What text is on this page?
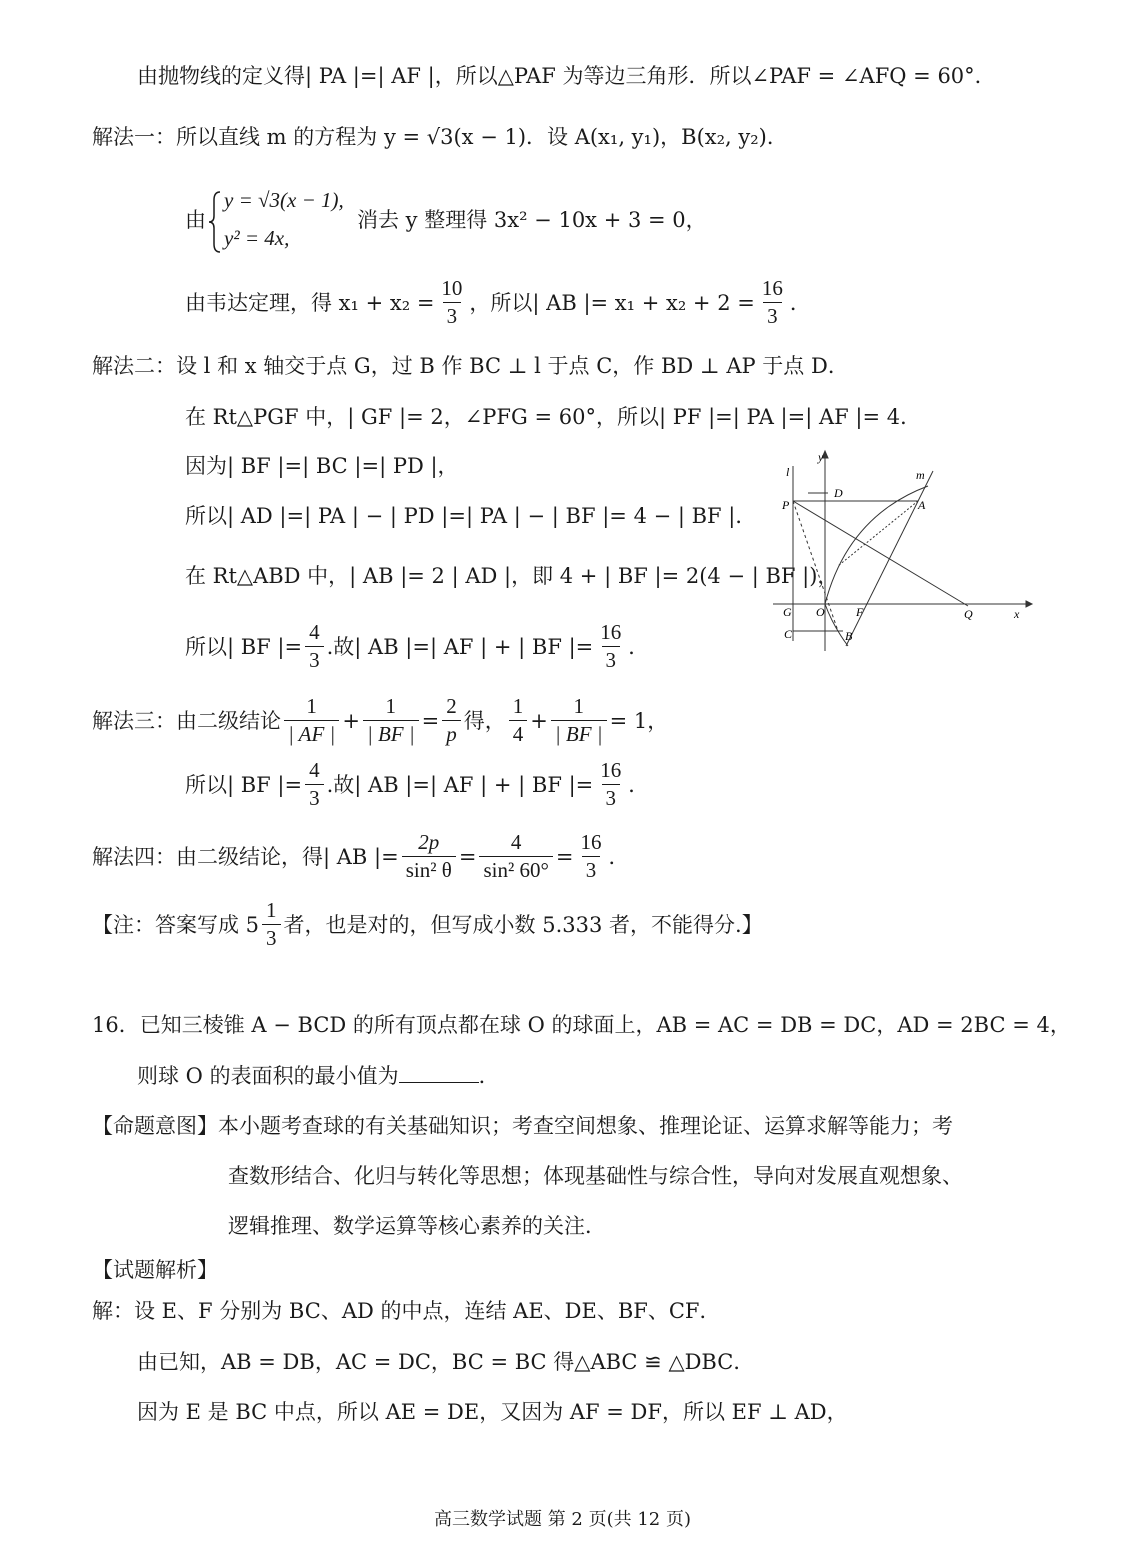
由抛物线的定义得| PA |=| AF |，所以△PAF 为等边三角形．所以∠PAF = ∠AFQ = 60°．
解法一：所以直线 m 的方程为 y = √3(x − 1)．设 A(x₁, y₁)，B(x₂, y₂)．
由
y = √3(x − 1),
y² = 4x,
消去 y 整理得 3x² − 10x + 3 = 0，
由韦达定理，得 $x_1 + x_2 = \frac{10}{3}$ ，所以| AB |= $x_1 + x_2 + 2 = \frac{16}{3}$ ．
解法二：设 l 和 x 轴交于点 G，过 B 作 BC ⊥ l 于点 C，作 BD ⊥ AP 于点 D．
在 Rt△PGF 中，| GF |= 2，∠PFG = 60°，所以| PF |=| PA |=| AF |= 4．
因为| BF |=| BC |=| PD |，
所以| AD |=| PA | − | PD |=| PA | − | BF |= 4 − | BF |．
在 Rt△ABD 中，| AB |= 2 | AD |，即 4 + | BF |= 2(4 − | BF |)，
所以| BF |= $\frac{4}{3}$ .故| AB |=| AF | + | BF |= $\frac{16}{3}$ ．
l
y
m
P
D
A
G O	F	Q	x
C	B
解法三：由二级结论 $\frac{1}{| AF |} + \frac{1}{| BF |} = \frac{2}{p}$ 得， $\frac{1}{4} + \frac{1}{| BF |} = 1$，
所以| BF |= $\frac{4}{3}$ .故| AB |=| AF | + | BF |= $\frac{16}{3}$ ．
解法四：由二级结论，得| AB |= $\frac{2p}{\text{sin² θ}} = \frac{4}{\text{sin² 60°}} = \frac{16}{3}$ ．
【注：答案写成 $5 \frac{1}{3}$ 者，也是对的，但写成小数 5.333 者，不能得分.】
16．已知三棱锥 A − BCD 的所有顶点都在球 O 的球面上，AB = AC = DB = DC，AD = 2BC = 4，
则球 O 的表面积的最小值为	．
【命题意图】本小题考查球的有关基础知识；考查空间想象、推理论证、运算求解等能力；考
查数形结合、化归与转化等思想；体现基础性与综合性，导向对发展直观想象、
逻辑推理、数学运算等核心素养的关注．
【试题解析】
解：设 E、F 分别为 BC、AD 的中点，连结 AE、DE、BF、CF．
由已知，AB = DB，AC = DC，BC = BC 得△ABC ≌ △DBC．
因为 E 是 BC 中点，所以 AE = DE，又因为 AF = DF，所以 EF ⊥ AD，
高三数学试题 第 2 页(共 12 页)
